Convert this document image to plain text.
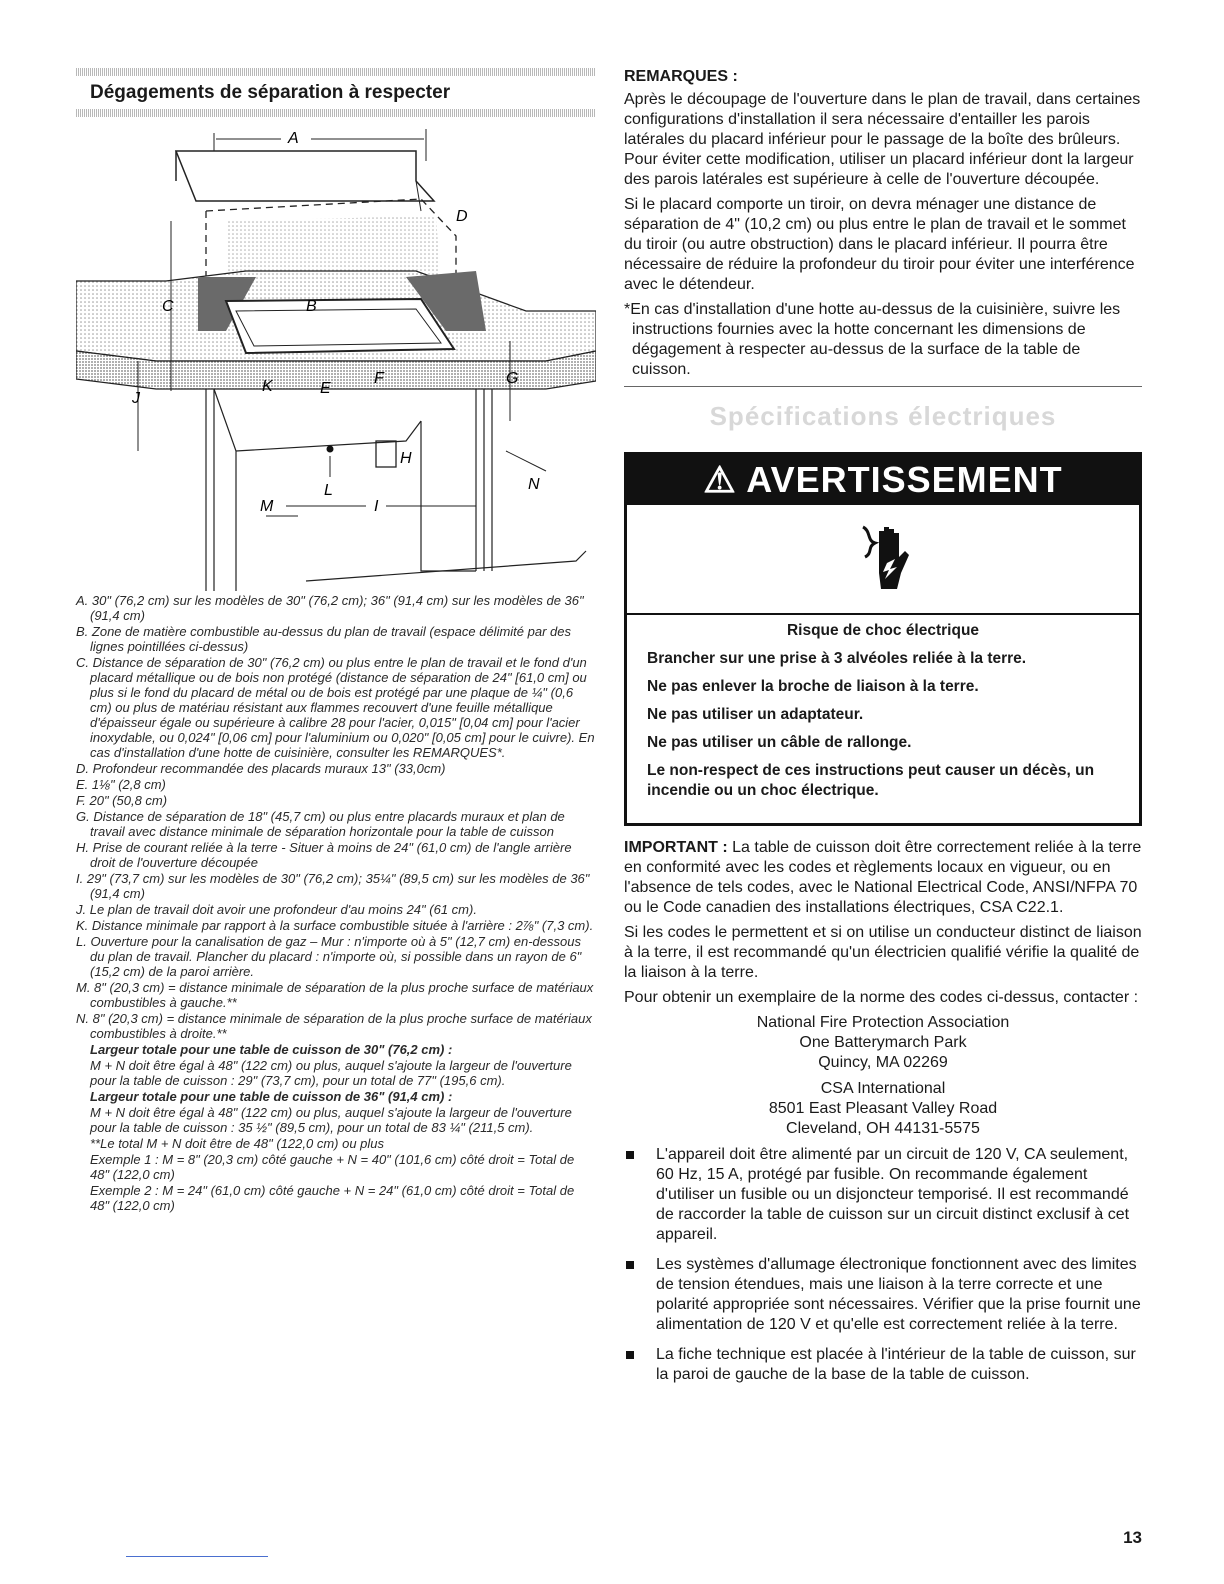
Dégagements de séparation à respecter
A
D
B
C
K	E
F	G
J
H
L
I
M
N

A. 30" (76,2 cm) sur les modèles de 30" (76,2 cm); 36" (91,4 cm) sur les modèles de 36" (91,4 cm)

B. Zone de matière combustible au-dessus du plan de travail (espace délimité par des lignes pointillées ci-dessus)

C. Distance de séparation de 30" (76,2 cm) ou plus entre le plan de travail et le fond d'un placard métallique ou de bois non protégé (distance de séparation de 24" [61,0 cm] ou plus si le fond du placard de métal ou de bois est protégé par une plaque de ¼" (0,6 cm) ou plus de matériau résistant aux flammes recouvert d'une feuille métallique d'épaisseur égale ou supérieure à calibre 28 pour l'acier, 0,015" [0,04 cm] pour l'acier inoxydable, ou 0,024" [0,06 cm] pour l'aluminium ou 0,020" [0,05 cm] pour le cuivre). En cas d'installation d'une hotte de cuisinière, consulter les REMARQUES*.

D. Profondeur recommandée des placards muraux 13" (33,0cm)

E. 1⅛" (2,8 cm)

F. 20" (50,8 cm)

G. Distance de séparation de 18" (45,7 cm) ou plus entre placards muraux et plan de travail avec distance minimale de séparation horizontale pour la table de cuisson

H. Prise de courant reliée à la terre - Situer à moins de 24" (61,0 cm) de l'angle arrière droit de l'ouverture découpée

I. 29" (73,7 cm) sur les modèles de 30" (76,2 cm); 35¼" (89,5 cm) sur les modèles de 36" (91,4 cm)

J. Le plan de travail doit avoir une profondeur d'au moins 24" (61 cm).

K. Distance minimale par rapport à la surface combustible située à l'arrière : 2⅞" (7,3 cm).

L. Ouverture pour la canalisation de gaz – Mur : n'importe où à 5" (12,7 cm) en-dessous du plan de travail. Plancher du placard : n'importe où, si possible dans un rayon de 6" (15,2 cm) de la paroi arrière.

M. 8" (20,3 cm) = distance minimale de séparation de la plus proche surface de matériaux combustibles à gauche.**

N. 8" (20,3 cm) = distance minimale de séparation de la plus proche surface de matériaux combustibles à droite.**

Largeur totale pour une table de cuisson de 30" (76,2 cm) :

M + N doit être égal à 48" (122 cm) ou plus, auquel s'ajoute la largeur de l'ouverture pour la table de cuisson : 29" (73,7 cm), pour un total de 77" (195,6 cm).

Largeur totale pour une table de cuisson de 36" (91,4 cm) :

M + N doit être égal à 48" (122 cm) ou plus, auquel s'ajoute la largeur de l'ouverture pour la table de cuisson : 35 ½" (89,5 cm), pour un total de 83 ¼" (211,5 cm).

**Le total M + N doit être de 48" (122,0 cm) ou plus

Exemple 1 : M = 8" (20,3 cm) côté gauche + N = 40" (101,6 cm) côté droit = Total de 48" (122,0 cm)

Exemple 2 : M = 24" (61,0 cm) côté gauche + N = 24" (61,0 cm) côté droit = Total de 48" (122,0 cm)

REMARQUES :

Après le découpage de l'ouverture dans le plan de travail, dans certaines configurations d'installation il sera nécessaire d'entailler les parois latérales du placard inférieur pour le passage de la boîte des brûleurs. Pour éviter cette modification, utiliser un placard inférieur dont la largeur des parois latérales est supérieure à celle de l'ouverture découpée.

Si le placard comporte un tiroir, on devra ménager une distance de séparation de 4" (10,2 cm) ou plus entre le plan de travail et le sommet du tiroir (ou autre obstruction) dans le placard inférieur. Il pourra être nécessaire de réduire la profondeur du tiroir pour éviter une interférence avec le détendeur.

*En cas d'installation d'une hotte au-dessus de la cuisinière, suivre les instructions fournies avec la hotte concernant les dimensions de dégagement à respecter au-dessus de la surface de la table de cuisson.

Spécifications électriques
⚠ AVERTISSEMENT

Risque de choc électrique

Brancher sur une prise à 3 alvéoles reliée à la terre.

Ne pas enlever la broche de liaison à la terre.

Ne pas utiliser un adaptateur.

Ne pas utiliser un câble de rallonge.

Le non-respect de ces instructions peut causer un décès, un incendie ou un choc électrique.

IMPORTANT : La table de cuisson doit être correctement reliée à la terre en conformité avec les codes et règlements locaux en vigueur, ou en l'absence de tels codes, avec le National Electrical Code, ANSI/NFPA 70 ou le Code canadien des installations électriques, CSA C22.1.

Si les codes le permettent et si on utilise un conducteur distinct de liaison à la terre, il est recommandé qu'un électricien qualifié vérifie la qualité de la liaison à la terre.

Pour obtenir un exemplaire de la norme des codes ci-dessus, contacter :

National Fire Protection Association
One Batterymarch Park
Quincy, MA 02269
CSA International
8501 East Pleasant Valley Road
Cleveland, OH 44131-5575
L'appareil doit être alimenté par un circuit de 120 V, CA seulement, 60 Hz, 15 A, protégé par fusible. On recommande également d'utiliser un fusible ou un disjoncteur temporisé. Il est recommandé de raccorder la table de cuisson sur un circuit distinct exclusif à cet appareil.
Les systèmes d'allumage électronique fonctionnent avec des limites de tension étendues, mais une liaison à la terre correcte et une polarité appropriée sont nécessaires. Vérifier que la prise fournit une alimentation de 120 V et qu'elle est correctement reliée à la terre.
La fiche technique est placée à l'intérieur de la table de cuisson, sur la paroi de gauche de la base de la table de cuisson.
13
